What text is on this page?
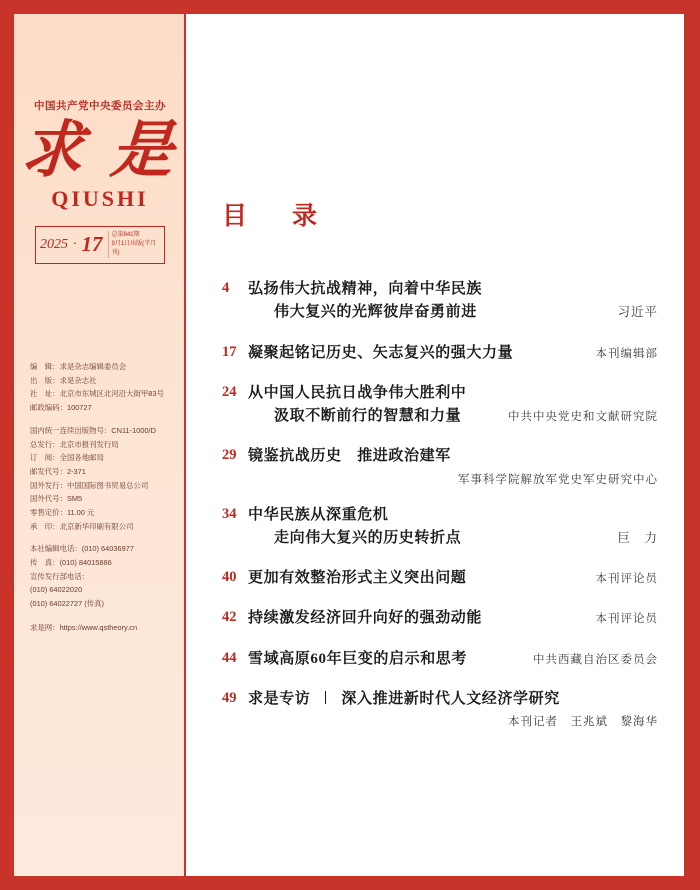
中国共产党中央委员会主办
求 是
QIUSHI
2025 · 17 总第841期
9月1日出版(半月刊)
编　辑：求是杂志编辑委员会
出　版：求是杂志社
社　址：北京市东城区北河沿大街甲83号
邮政编码：100727
国内统一连续出版物号：CN11-1000/D
总发行：北京市报刊发行局
订　阅：全国各地邮局
邮发代号：2-371
国外发行：中国国际图书贸易总公司
国外代号：SM5
零售定价：11.00 元
承　印：北京新华印刷有限公司
本社编辑电话：(010) 64036977
传　真：(010) 84015886
宣传发行部电话：
(010) 64022020
(010) 64022727 (传真)
求是网：https://www.qstheory.cn
目　录
4	弘扬伟大抗战精神，向着中华民族
伟大复兴的光辉彼岸奋勇前进	习近平
17 凝聚起铭记历史、矢志复兴的强大力量	本刊编辑部
24 从中国人民抗日战争伟大胜利中
汲取不断前行的智慧和力量	中共中央党史和文献研究院
29 镜鉴抗战历史　推进政治建军
军事科学院解放军党史军史研究中心
34 中华民族从深重危机
走向伟大复兴的历史转折点	巨　力
40 更加有效整治形式主义突出问题	本刊评论员
42 持续激发经济回升向好的强劲动能	本刊评论员
44 雪域高原60年巨变的启示和思考	中共西藏自治区委员会
49 求是专访 深入推进新时代人文经济学研究
本刊记者　王兆斌　黎海华
